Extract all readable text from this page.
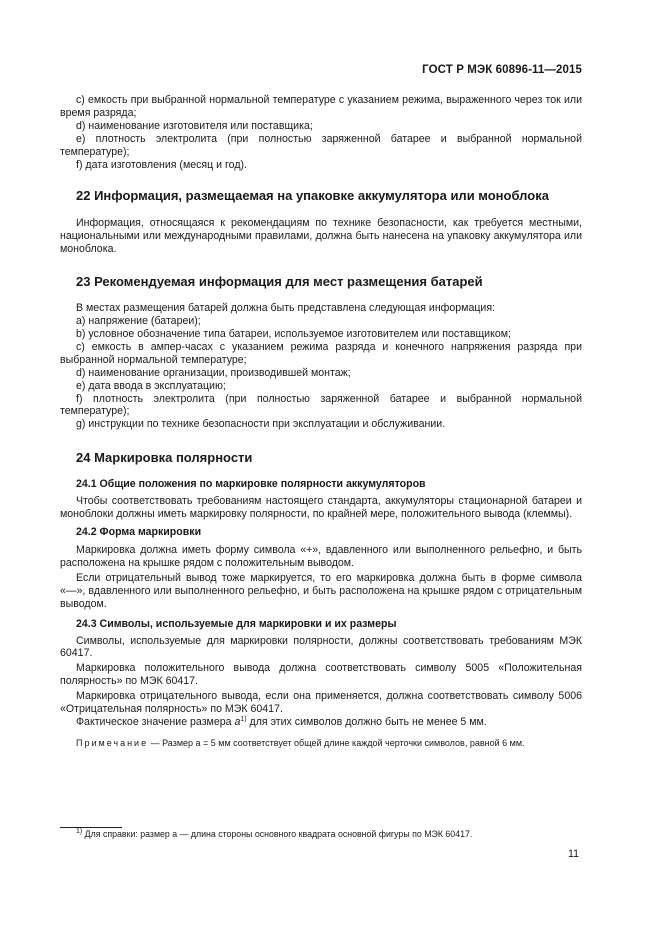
ГОСТ Р МЭК 60896-11—2015

c) емкость при выбранной нормальной температуре с указанием режима, выраженного через ток или время разряда;

d) наименование изготовителя или поставщика;

e) плотность электролита (при полностью заряженной батарее и выбранной нормальной температуре);

f) дата изготовления (месяц и год).

22 Информация, размещаемая на упаковке аккумулятора или моноблока

Информация, относящаяся к рекомендациям по технике безопасности, как требуется местными, национальными или международными правилами, должна быть нанесена на упаковку аккумулятора или моноблока.

23 Рекомендуемая информация для мест размещения батарей

В местах размещения батарей должна быть представлена следующая информация:

a) напряжение (батареи);

b) условное обозначение типа батареи, используемое изготовителем или поставщиком;

c) емкость в ампер-часах с указанием режима разряда и конечного напряжения разряда при выбранной нормальной температуре;

d) наименование организации, производившей монтаж;

e) дата ввода в эксплуатацию;

f) плотность электролита (при полностью заряженной батарее и выбранной нормальной температуре);

g) инструкции по технике безопасности при эксплуатации и обслуживании.

24 Маркировка полярности
24.1 Общие положения по маркировке полярности аккумуляторов

Чтобы соответствовать требованиям настоящего стандарта, аккумуляторы стационарной батареи и моноблоки должны иметь маркировку полярности, по крайней мере, положительного вывода (клеммы).

24.2 Форма маркировки

Маркировка должна иметь форму символа «+», вдавленного или выполненного рельефно, и быть расположена на крышке рядом с положительным выводом.

Если отрицательный вывод тоже маркируется, то его маркировка должна быть в форме символа «—», вдавленного или выполненного рельефно, и быть расположена на крышке рядом с отрицательным выводом.

24.3 Символы, используемые для маркировки и их размеры

Символы, используемые для маркировки полярности, должны соответствовать требованиям МЭК 60417.

Маркировка положительного вывода должна соответствовать символу 5005 «Положительная полярность» по МЭК 60417.

Маркировка отрицательного вывода, если она применяется, должна соответствовать символу 5006 «Отрицательная полярность» по МЭК 60417.

Фактическое значение размера $a^{1)}$ для этих символов должно быть не менее 5 мм.

Примечание — Размер a = 5 мм соответствует общей длине каждой черточки символов, равной 6 мм.

$^{1)}$ Для справки: размер a — длина стороны основного квадрата основной фигуры по МЭК 60417.
11
